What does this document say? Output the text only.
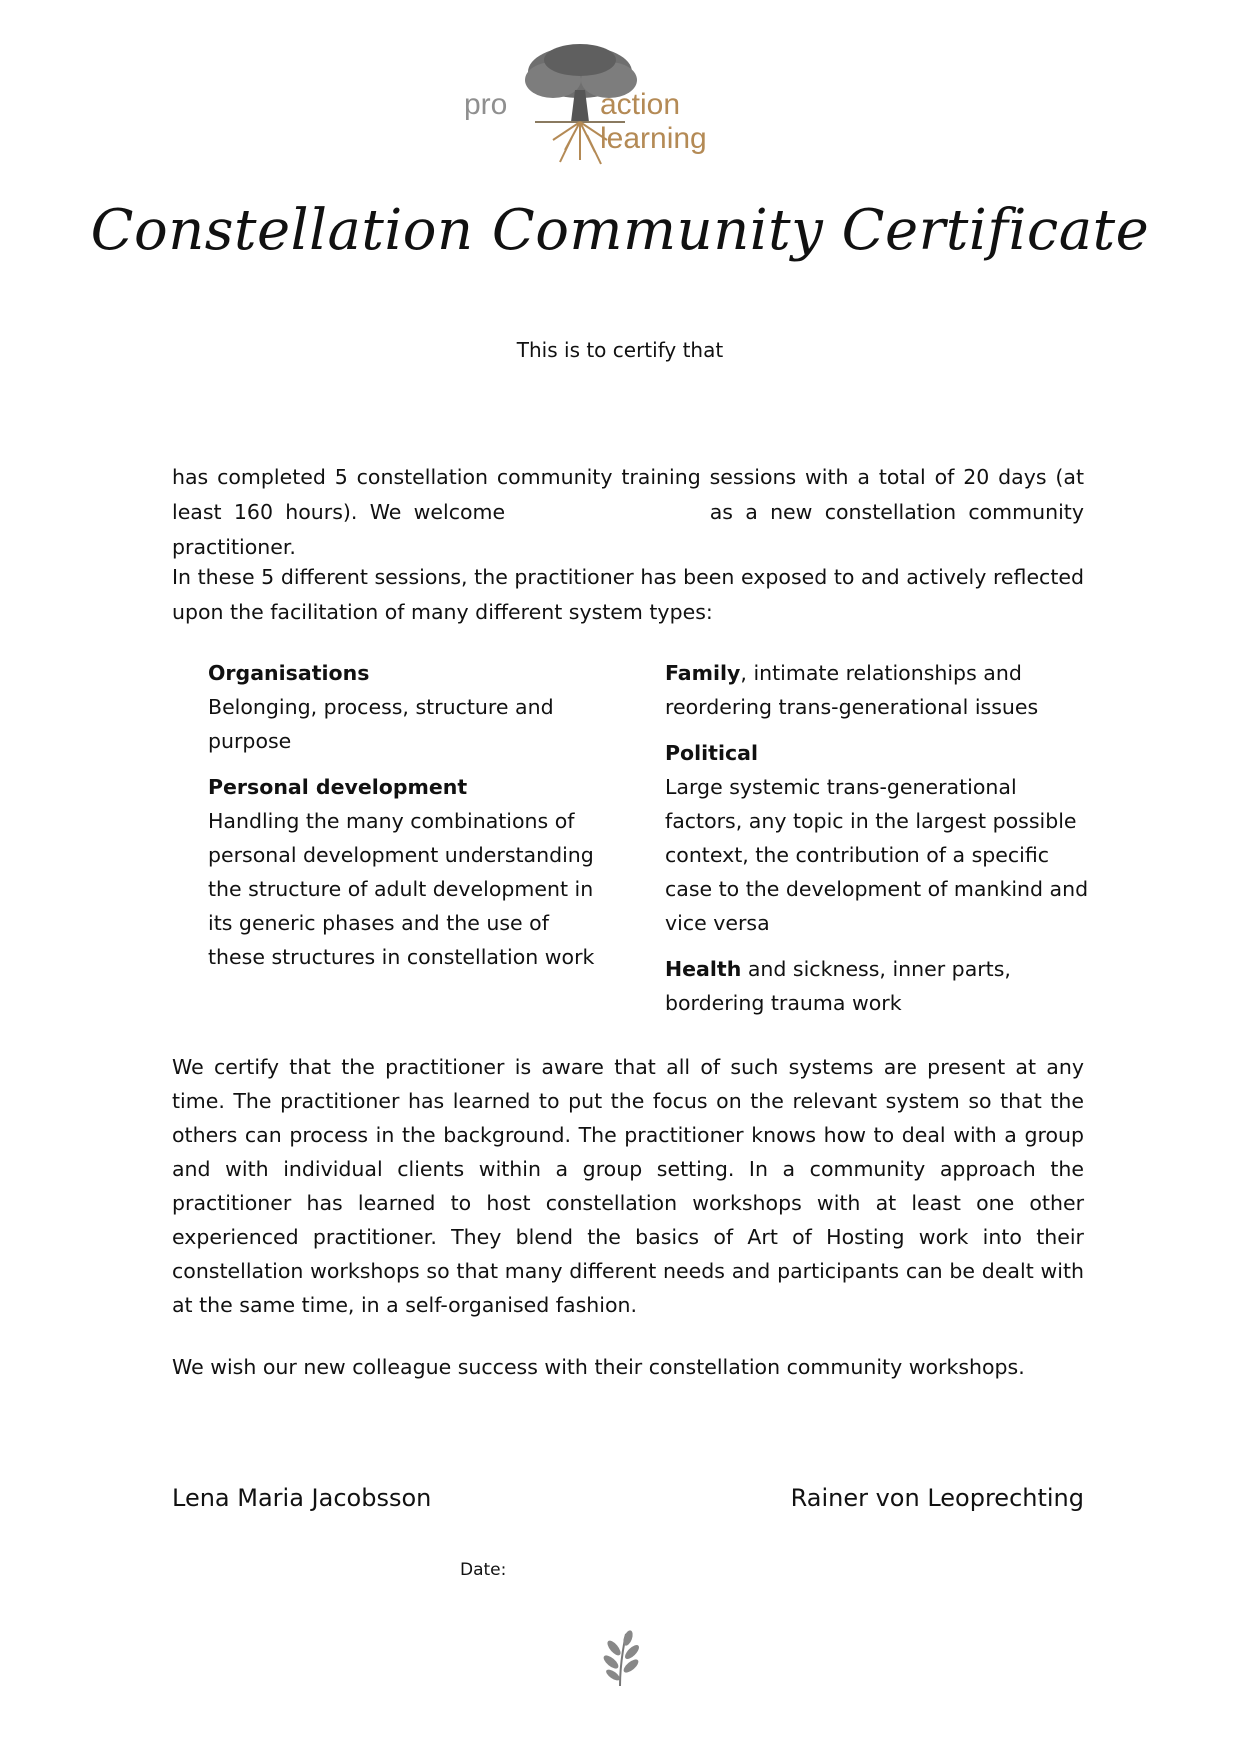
pro	action learning
Constellation Community Certificate
This is to certify that
has completed 5 constellation community training sessions with a total of 20 days (at least 160 hours). We welcome	as a new constellation community practitioner.
In these 5 different sessions, the practitioner has been exposed to and actively reflected upon the facilitation of many different system types:

Organisations
Belonging, process, structure and purpose

Personal development
Handling the many combinations of personal development understanding the structure of adult development in its generic phases and the use of these structures in constellation work

Family, intimate relationships and reordering trans-generational issues

Political
Large systemic trans-generational factors, any topic in the largest possible context, the contribution of a specific case to the development of mankind and vice versa

Health and sickness, inner parts, bordering trauma work

We certify that the practitioner is aware that all of such systems are present at any time. The practitioner has learned to put the focus on the relevant system so that the others can process in the background. The practitioner knows how to deal with a group and with individual clients within a group setting. In a community approach the practitioner has learned to host constellation workshops with at least one other experienced practitioner. They blend the basics of Art of Hosting work into their constellation workshops so that many different needs and participants can be dealt with at the same time, in a self-organised fashion.
We wish our new colleague success with their constellation community workshops.
Lena Maria Jacobsson	Rainer von Leoprechting
Date:
